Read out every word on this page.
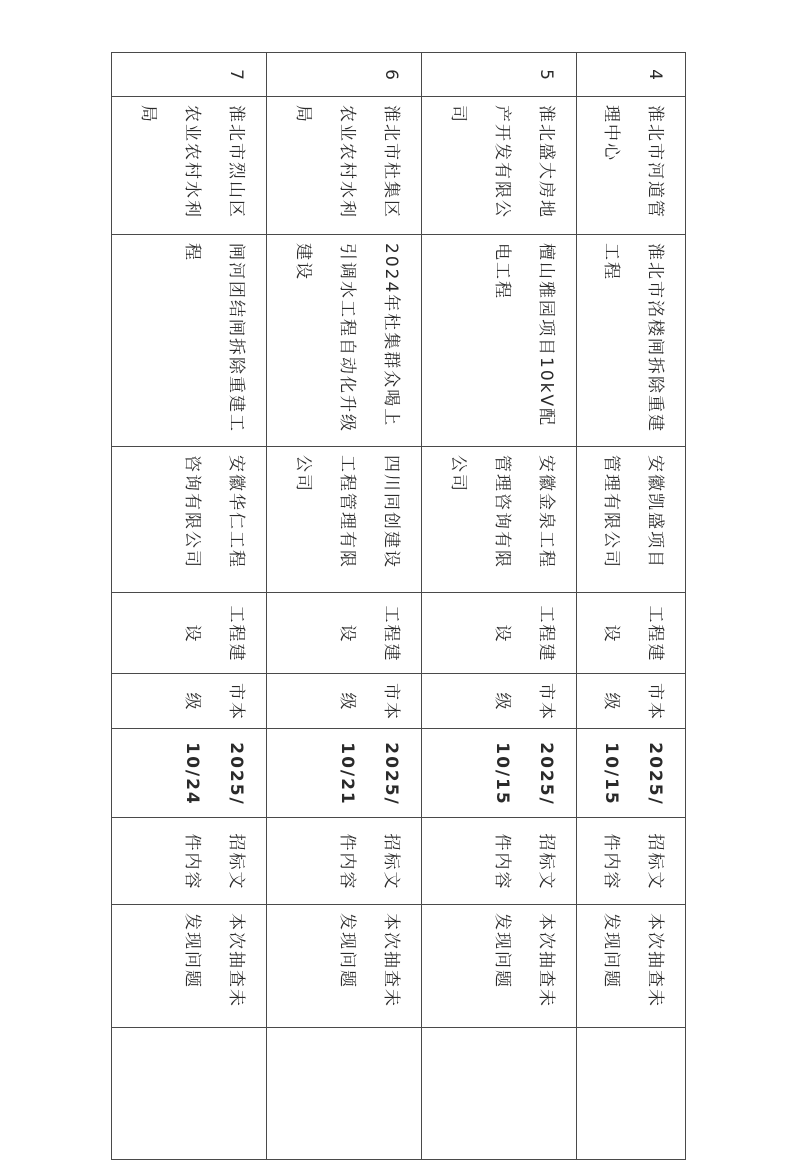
4	淮北市河道管理中心	淮北市洺楼闸拆除重建工程	安徽凯盛项目管理有限公司	工程建设	市本级	2025/10/15	招标文件内容	本次抽查未发现问题	
5	淮北盛大房地产开发有限公司	檀山雅园项目10kV配电工程	安徽金泉工程管理咨询有限公司	工程建设	市本级	2025/10/15	招标文件内容	本次抽查未发现问题	
6	淮北市杜集区农业农村水利局	2024年杜集群众喝上引调水工程自动化升级建设	四川同创建设工程管理有限公司	工程建设	市本级	2025/10/21	招标文件内容	本次抽查未发现问题	
7	淮北市烈山区农业农村水利局	闸河团结闸拆除重建工程	安徽华仁工程咨询有限公司	工程建设	市本级	2025/10/24	招标文件内容	本次抽查未发现问题	
